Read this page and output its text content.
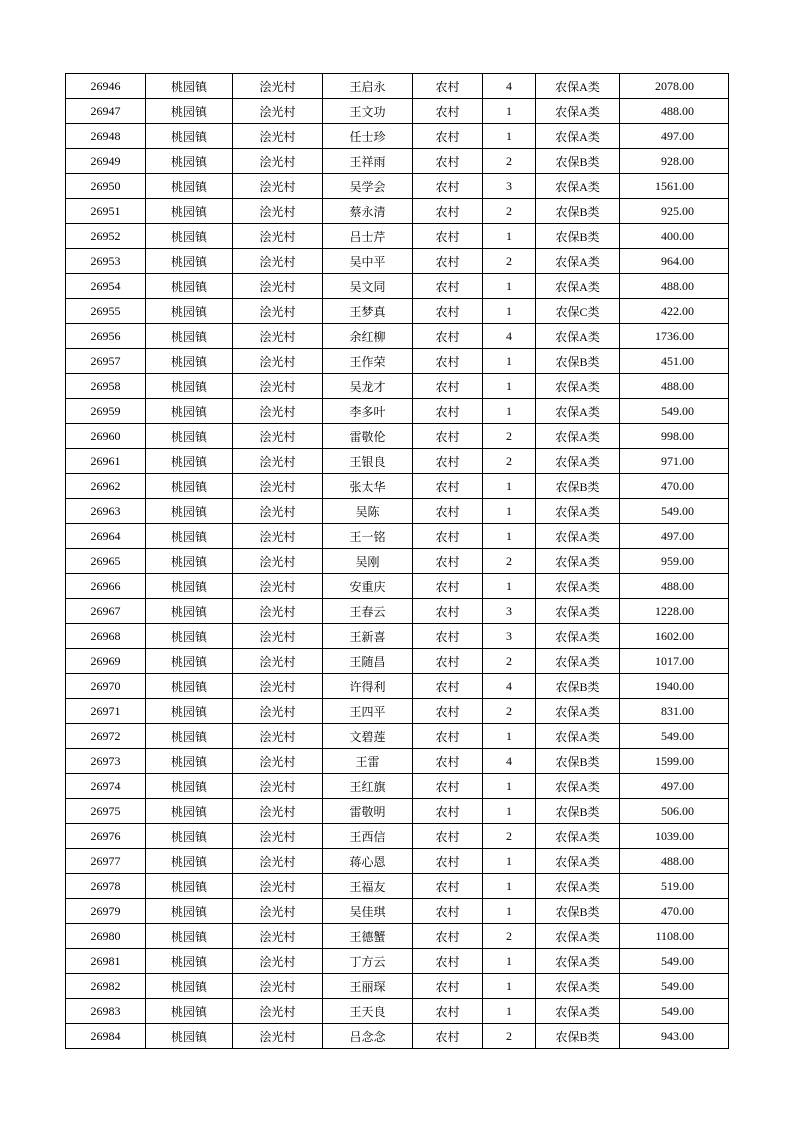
26946	桃园镇	浍光村	王启永	农村	4	农保A类	2078.00
26947	桃园镇	浍光村	王文功	农村	1	农保A类	488.00
26948	桃园镇	浍光村	任士珍	农村	1	农保A类	497.00
26949	桃园镇	浍光村	王祥雨	农村	2	农保B类	928.00
26950	桃园镇	浍光村	吴学会	农村	3	农保A类	1561.00
26951	桃园镇	浍光村	蔡永清	农村	2	农保B类	925.00
26952	桃园镇	浍光村	吕士芹	农村	1	农保B类	400.00
26953	桃园镇	浍光村	吴中平	农村	2	农保A类	964.00
26954	桃园镇	浍光村	吴文同	农村	1	农保A类	488.00
26955	桃园镇	浍光村	王梦真	农村	1	农保C类	422.00
26956	桃园镇	浍光村	余红柳	农村	4	农保A类	1736.00
26957	桃园镇	浍光村	王作荣	农村	1	农保B类	451.00
26958	桃园镇	浍光村	吴龙才	农村	1	农保A类	488.00
26959	桃园镇	浍光村	李多叶	农村	1	农保A类	549.00
26960	桃园镇	浍光村	雷敬伦	农村	2	农保A类	998.00
26961	桃园镇	浍光村	王银良	农村	2	农保A类	971.00
26962	桃园镇	浍光村	张太华	农村	1	农保B类	470.00
26963	桃园镇	浍光村	吴陈	农村	1	农保A类	549.00
26964	桃园镇	浍光村	王一铭	农村	1	农保A类	497.00
26965	桃园镇	浍光村	吴刚	农村	2	农保A类	959.00
26966	桃园镇	浍光村	安重庆	农村	1	农保A类	488.00
26967	桃园镇	浍光村	王春云	农村	3	农保A类	1228.00
26968	桃园镇	浍光村	王新喜	农村	3	农保A类	1602.00
26969	桃园镇	浍光村	王随昌	农村	2	农保A类	1017.00
26970	桃园镇	浍光村	许得利	农村	4	农保B类	1940.00
26971	桃园镇	浍光村	王四平	农村	2	农保A类	831.00
26972	桃园镇	浍光村	文碧莲	农村	1	农保A类	549.00
26973	桃园镇	浍光村	王雷	农村	4	农保B类	1599.00
26974	桃园镇	浍光村	王红旗	农村	1	农保A类	497.00
26975	桃园镇	浍光村	雷敬明	农村	1	农保B类	506.00
26976	桃园镇	浍光村	王西信	农村	2	农保A类	1039.00
26977	桃园镇	浍光村	蒋心恩	农村	1	农保A类	488.00
26978	桃园镇	浍光村	王福友	农村	1	农保A类	519.00
26979	桃园镇	浍光村	吴佳琪	农村	1	农保B类	470.00
26980	桃园镇	浍光村	王德蟹	农村	2	农保A类	1108.00
26981	桃园镇	浍光村	丁方云	农村	1	农保A类	549.00
26982	桃园镇	浍光村	王丽琛	农村	1	农保A类	549.00
26983	桃园镇	浍光村	王天良	农村	1	农保A类	549.00
26984	桃园镇	浍光村	吕念念	农村	2	农保B类	943.00
